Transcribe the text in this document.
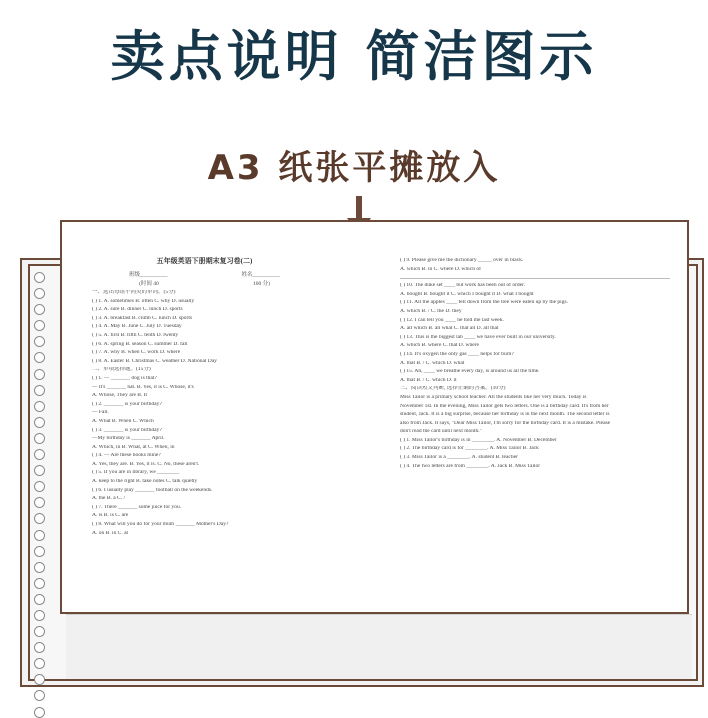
卖点说明 简洁图示
A3 纸张平摊放入
五年级英语下册期末复习卷(二)
班级__________	姓名__________
(时间 40	100 分)
一、选出每组不同类的单词。(5分)
( ) 1. A. sometimes B. often C. why D. usually
( ) 2. A. sure B. dinner C. lunch D. sports
( ) 3. A. breakfast B. climb C. lunch D. sports
( ) 4. A. May B. June C. July D. Tuesday
( ) 5. A. first B. fifth C. tenth D. twenty
( ) 6. A. spring B. season C. summer D. fall
( ) 7. A. why B. when C. work D. where
( ) 8. A. Easter B. Christmas C. weather D. National Day
二、单项选择题。(15分)
( ) 1. — _______ dog is that?
— It's _______ hat. B. Yes, it is C. Whose, it's
A. Whose, They are B. It
( ) 2. _______ is your birthday?
— Fall.
A. What B. When C. Which
( ) 3. _______ is your birthday?
—My birthday is _______ April.
A. Which, in B. What, at C. When, in
( ) 4. — Are these books mine?
A. Yes, they are. B. Yes, it is. C. No, these aren't.
( ) 5. If you are in library, we ________
A. keep to the right B. take notes C. talk quietly
( ) 6. I usually play _______ football on the weekends.
A. the B. a C. /
( ) 7. There _______ some juice for you.
A. is B. is C. are
( ) 8. What will you do for your mum _______ Mother's Day?
A. on B. in C. at
( ) 9. Please give me the dictionary _____ over in black.
A. which B. in C. where D. which of
( ) 10. The duke set ____ but work has been out of order.
A. bought B. bought it C. which I bought it D. what I bought
( ) 11. All the apples ____ fell down from the tree were eaten up by the pigs.
A. which B. / C. the D. they
( ) 12. I can tell you ____ he told me last week.
A. all which B. all what C. that all D. all that
( ) 13. This is the biggest lab ____ we have ever built in our university.
A. which B. where C. that D. where
( ) 14. It's oxygen the only gas ____ helps for burn?
A. that B. / C. which D. what
( ) 15. Ah, ____ we breathe every day, is around us all the time.
A. that B. / C. which D. it
三、阅读短文判断, 选择正确的答案。(10分)
Miss Tailor is a primary school teacher. All the students like her very much. Today is
November 1st. In the evening, Miss Tailor gets two letters. One is a birthday card. It's from her
student, Jack. It is a big surprise, because her birthday is in the next month. The second letter is
also from Jack. It says, "Dear Miss Tailor, I'm sorry for the birthday card. It is a mistake. Please
don't read the card until next month."
( ) 1. Miss Tailor's birthday is in ________. A. November B. December
( ) 2. The birthday card is for ________. A. Miss Tailor B. Jack
( ) 3. Miss Tailor is a ________. A. student B. teacher
( ) 4. The two letters are from ________. A. Jack B. Miss Tailor
